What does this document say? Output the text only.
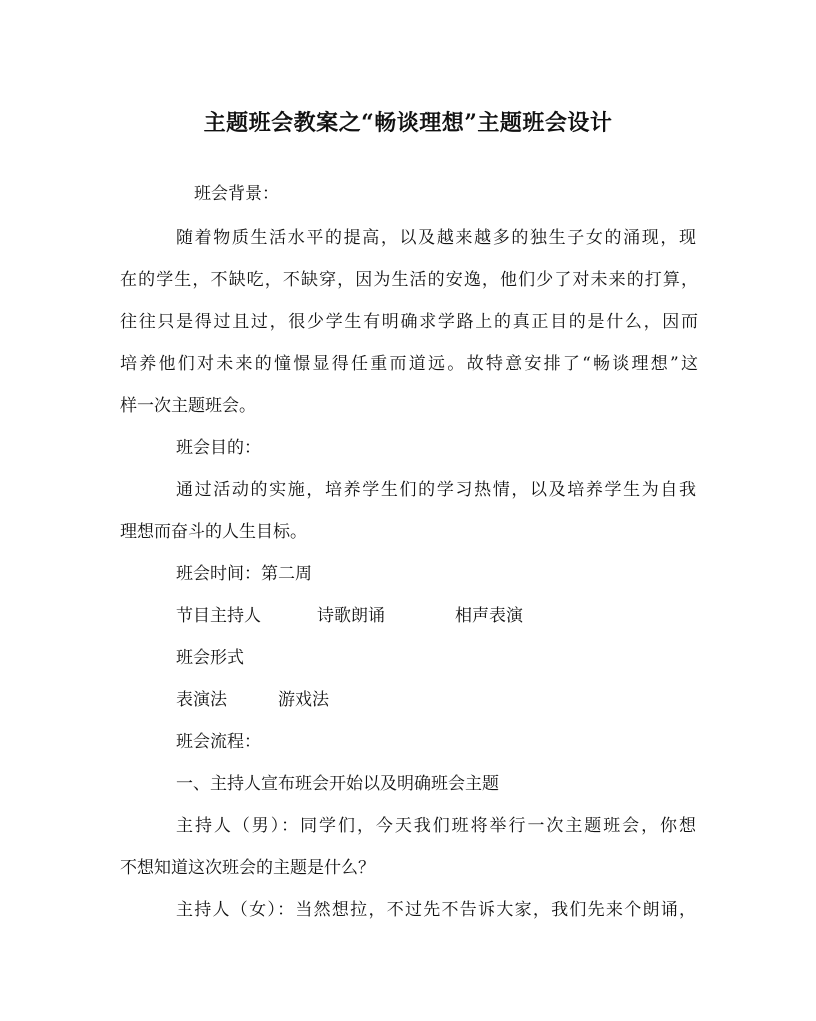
主题班会教案之“畅谈理想”主题班会设计
班会背景：
随着物质生活水平的提高，以及越来越多的独生子女的涌现，现
在的学生，不缺吃，不缺穿，因为生活的安逸，他们少了对未来的打算，
往往只是得过且过，很少学生有明确求学路上的真正目的是什么，因而
培养他们对未来的憧憬显得任重而道远。故特意安排了“畅谈理想”这
样一次主题班会。
班会目的：
通过活动的实施，培养学生们的学习热情，以及培养学生为自我
理想而奋斗的人生目标。
班会时间：第二周
节目主持人	诗歌朗诵	相声表演
班会形式
表演法	游戏法
班会流程：
一、主持人宣布班会开始以及明确班会主题
主持人（男）：同学们，今天我们班将举行一次主题班会，你想
不想知道这次班会的主题是什么？
主持人（女）：当然想拉，不过先不告诉大家，我们先来个朗诵，
